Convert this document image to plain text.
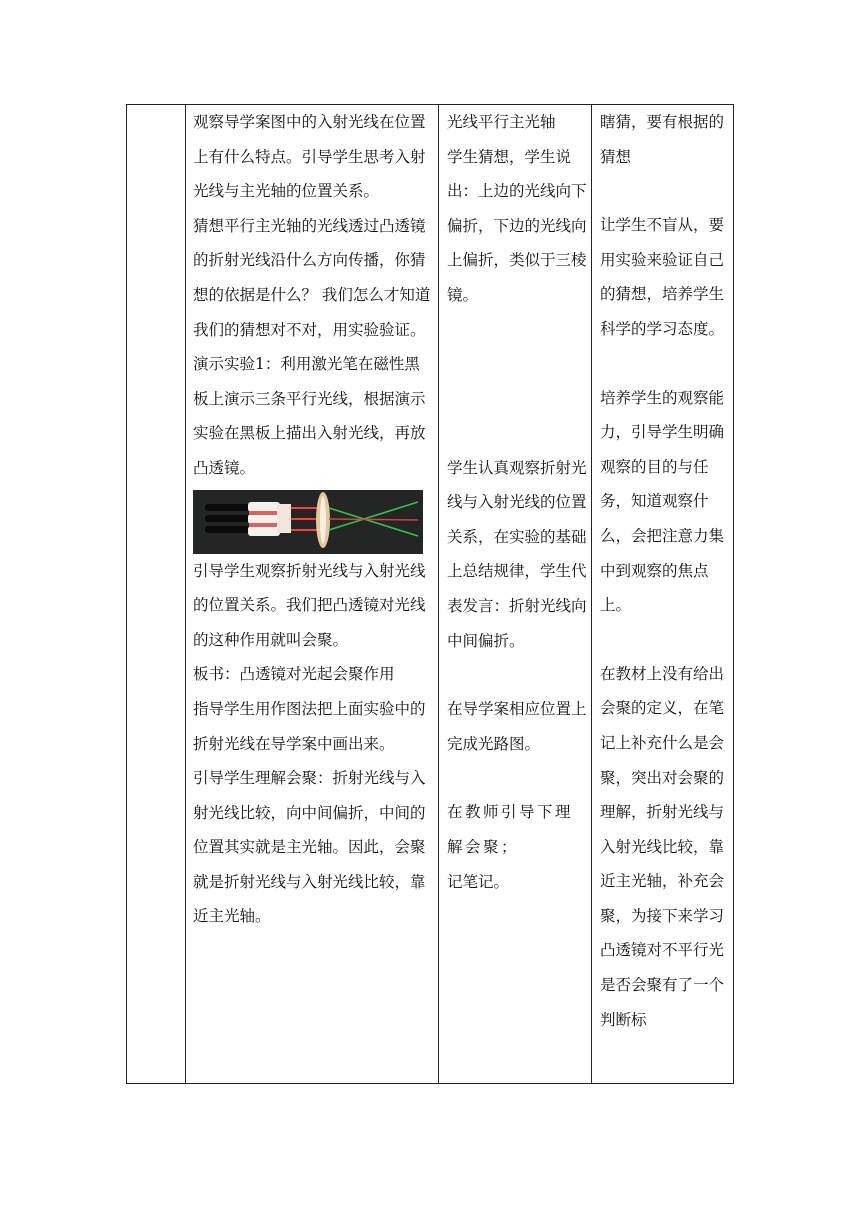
观察导学案图中的入射光线在位置上有什么特点。引导学生思考入射光线与主光轴的位置关系。

猜想平行主光轴的光线透过凸透镜的折射光线沿什么方向传播，你猜想的依据是什么？ 我们怎么才知道我们的猜想对不对，用实验验证。

演示实验1：利用激光笔在磁性黑板上演示三条平行光线，根据演示实验在黑板上描出入射光线，再放凸透镜。

引导学生观察折射光线与入射光线的位置关系。我们把凸透镜对光线的这种作用就叫会聚。

板书：凸透镜对光起会聚作用

指导学生用作图法把上面实验中的折射光线在导学案中画出来。

引导学生理解会聚：折射光线与入射光线比较，向中间偏折，中间的位置其实就是主光轴。因此，会聚就是折射光线与入射光线比较，靠近主光轴。

光线平行主光轴

学生猜想，学生说出：上边的光线向下偏折，下边的光线向上偏折，类似于三棱镜。

学生认真观察折射光线与入射光线的位置关系，在实验的基础上总结规律，学生代表发言：折射光线向中间偏折。

在导学案相应位置上完成光路图。

在教师引导下理解会聚；

记笔记。

瞎猜，要有根据的猜想

让学生不盲从，要用实验来验证自己的猜想，培养学生科学的学习态度。

培养学生的观察能力，引导学生明确观察的目的与任务，知道观察什么，会把注意力集中到观察的焦点上。

在教材上没有给出会聚的定义，在笔记上补充什么是会聚，突出对会聚的理解，折射光线与入射光线比较，靠近主光轴，补充会聚，为接下来学习凸透镜对不平行光是否会聚有了一个判断标
